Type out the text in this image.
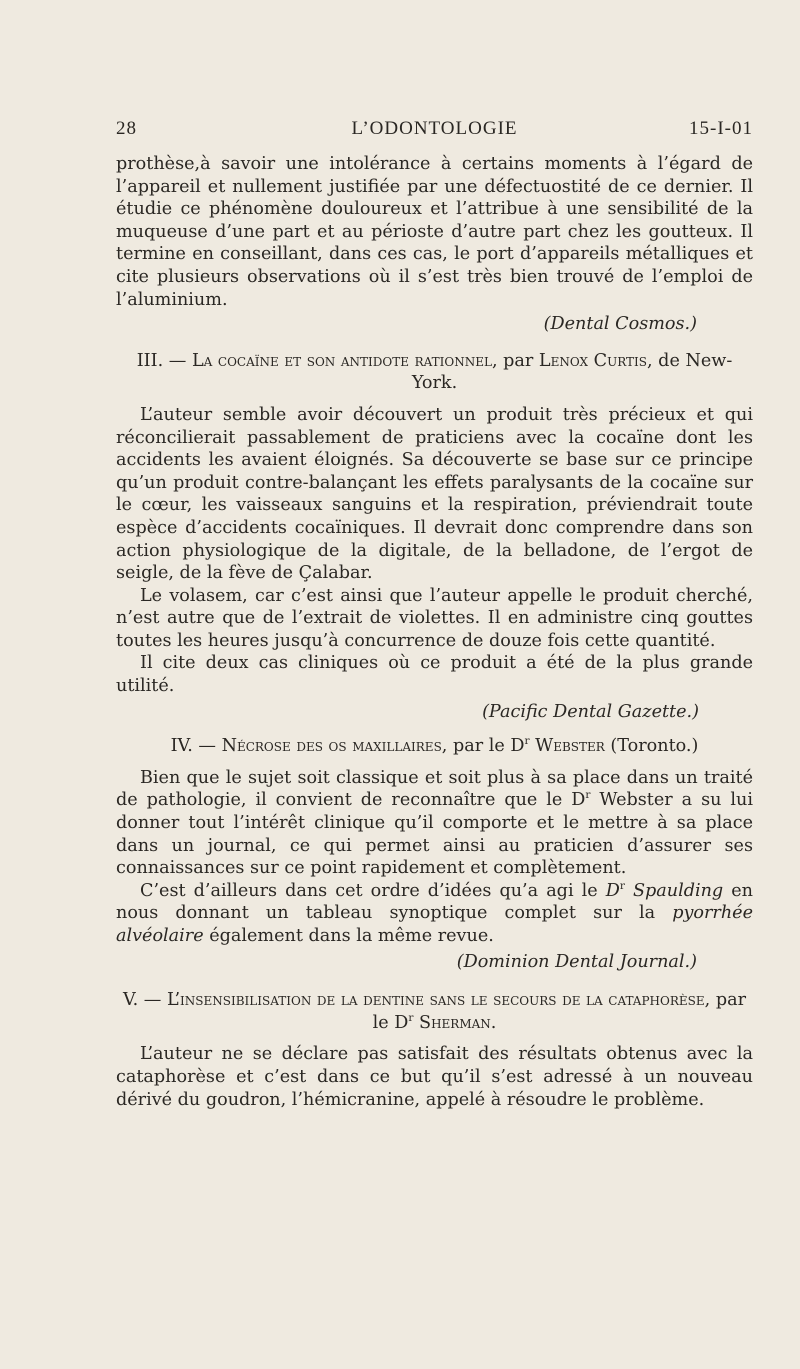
28	L’ODONTOLOGIE	15-I-01

prothèse,à savoir une intolérance à certains moments à l’égard de l’appareil et nullement justifiée par une défectuostité de ce dernier. Il étudie ce phénomène douloureux et l’attribue à une sensibilité de la muqueuse d’une part et au périoste d’autre part chez les goutteux. Il termine en conseillant, dans ces cas, le port d’appareils métalliques et cite plusieurs observations où il s’est très bien trouvé de l’emploi de l’aluminium.

(Dental Cosmos.)

III. — La cocaïne et son antidote rationnel, par Lenox Curtis, de New-York.

L’auteur semble avoir découvert un produit très précieux et qui réconcilierait passablement de praticiens avec la cocaïne dont les accidents les avaient éloignés. Sa découverte se base sur ce principe qu’un produit contre-balançant les effets paralysants de la cocaïne sur le cœur, les vaisseaux sanguins et la respiration, préviendrait toute espèce d’accidents cocaïniques. Il devrait donc comprendre dans son action physiologique de la digitale, de la belladone, de l’ergot de seigle, de la fève de Çalabar.

Le volasem, car c’est ainsi que l’auteur appelle le produit cherché, n’est autre que de l’extrait de violettes. Il en administre cinq gouttes toutes les heures jusqu’à concurrence de douze fois cette quantité.

Il cite deux cas cliniques où ce produit a été de la plus grande utilité.

(Pacific Dental Gazette.)

IV. — Nécrose des os maxillaires, par le $D^r$ Webster (Toronto.)

Bien que le sujet soit classique et soit plus à sa place dans un traité de pathologie, il convient de reconnaître que le $D^r$ Webster a su lui donner tout l’intérêt clinique qu’il comporte et le mettre à sa place dans un journal, ce qui permet ainsi au praticien d’assurer ses connaissances sur ce point rapidement et complètement.

C’est d’ailleurs dans cet ordre d’idées qu’a agi le $D^r$ Spaulding en nous donnant un tableau synoptique complet sur la pyorrhée alvéolaire également dans la même revue.

(Dominion Dental Journal.)

V. — L’insensibilisation de la dentine sans le secours de la cataphorèse, par le $D^r$ Sherman.

L’auteur ne se déclare pas satisfait des résultats obtenus avec la cataphorèse et c’est dans ce but qu’il s’est adressé à un nouveau dérivé du goudron, l’hémicranine, appelé à résoudre le problème.
